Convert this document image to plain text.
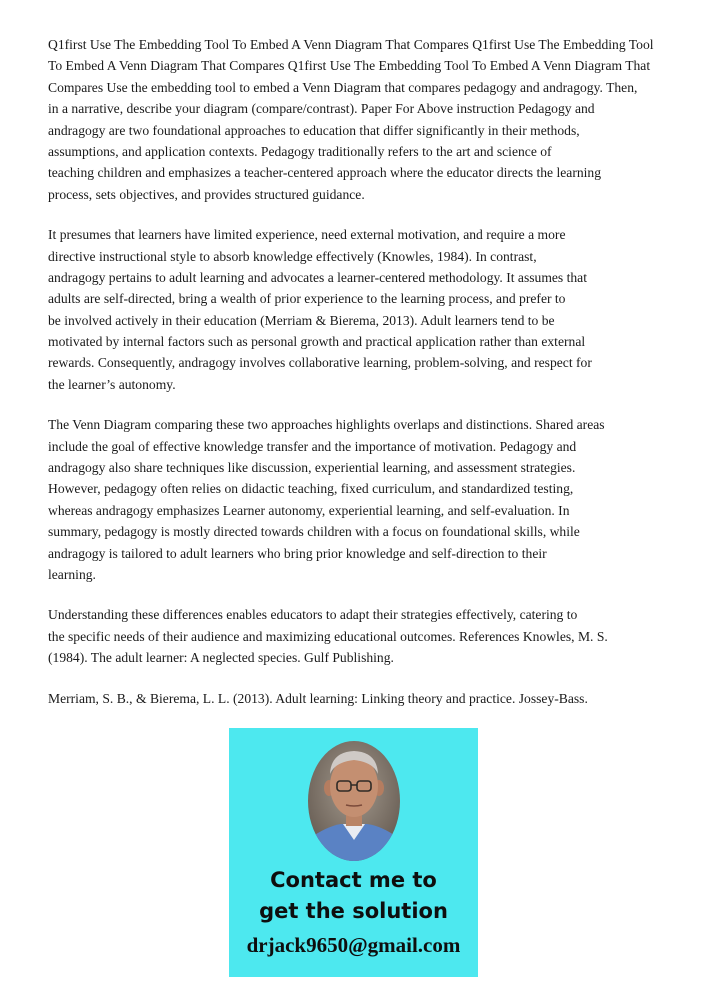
Q1first Use The Embedding Tool To Embed A Venn Diagram That Compares Q1first Use The Embedding Tool
To Embed A Venn Diagram That Compares Q1first Use The Embedding Tool To Embed A Venn Diagram That
Compares Use the embedding tool to embed a Venn Diagram that compares pedagogy and andragogy. Then,
in a narrative, describe your diagram (compare/contrast). Paper For Above instruction Pedagogy and
andragogy are two foundational approaches to education that differ significantly in their methods,
assumptions, and application contexts. Pedagogy traditionally refers to the art and science of
teaching children and emphasizes a teacher-centered approach where the educator directs the learning
process, sets objectives, and provides structured guidance.
It presumes that learners have limited experience, need external motivation, and require a more
directive instructional style to absorb knowledge effectively (Knowles, 1984). In contrast,
andragogy pertains to adult learning and advocates a learner-centered methodology. It assumes that
adults are self-directed, bring a wealth of prior experience to the learning process, and prefer to
be involved actively in their education (Merriam & Bierema, 2013). Adult learners tend to be
motivated by internal factors such as personal growth and practical application rather than external
rewards. Consequently, andragogy involves collaborative learning, problem-solving, and respect for
the learner’s autonomy.
The Venn Diagram comparing these two approaches highlights overlaps and distinctions. Shared areas
include the goal of effective knowledge transfer and the importance of motivation. Pedagogy and
andragogy also share techniques like discussion, experiential learning, and assessment strategies.
However, pedagogy often relies on didactic teaching, fixed curriculum, and standardized testing,
whereas andragogy emphasizes Learner autonomy, experiential learning, and self-evaluation. In
summary, pedagogy is mostly directed towards children with a focus on foundational skills, while
andragogy is tailored to adult learners who bring prior knowledge and self-direction to their
learning.
Understanding these differences enables educators to adapt their strategies effectively, catering to
the specific needs of their audience and maximizing educational outcomes. References Knowles, M. S.
(1984). The adult learner: A neglected species. Gulf Publishing.
Merriam, S. B., & Bierema, L. L. (2013). Adult learning: Linking theory and practice. Jossey-Bass.
Contact me to
get the solution
drjack9650@gmail.com
